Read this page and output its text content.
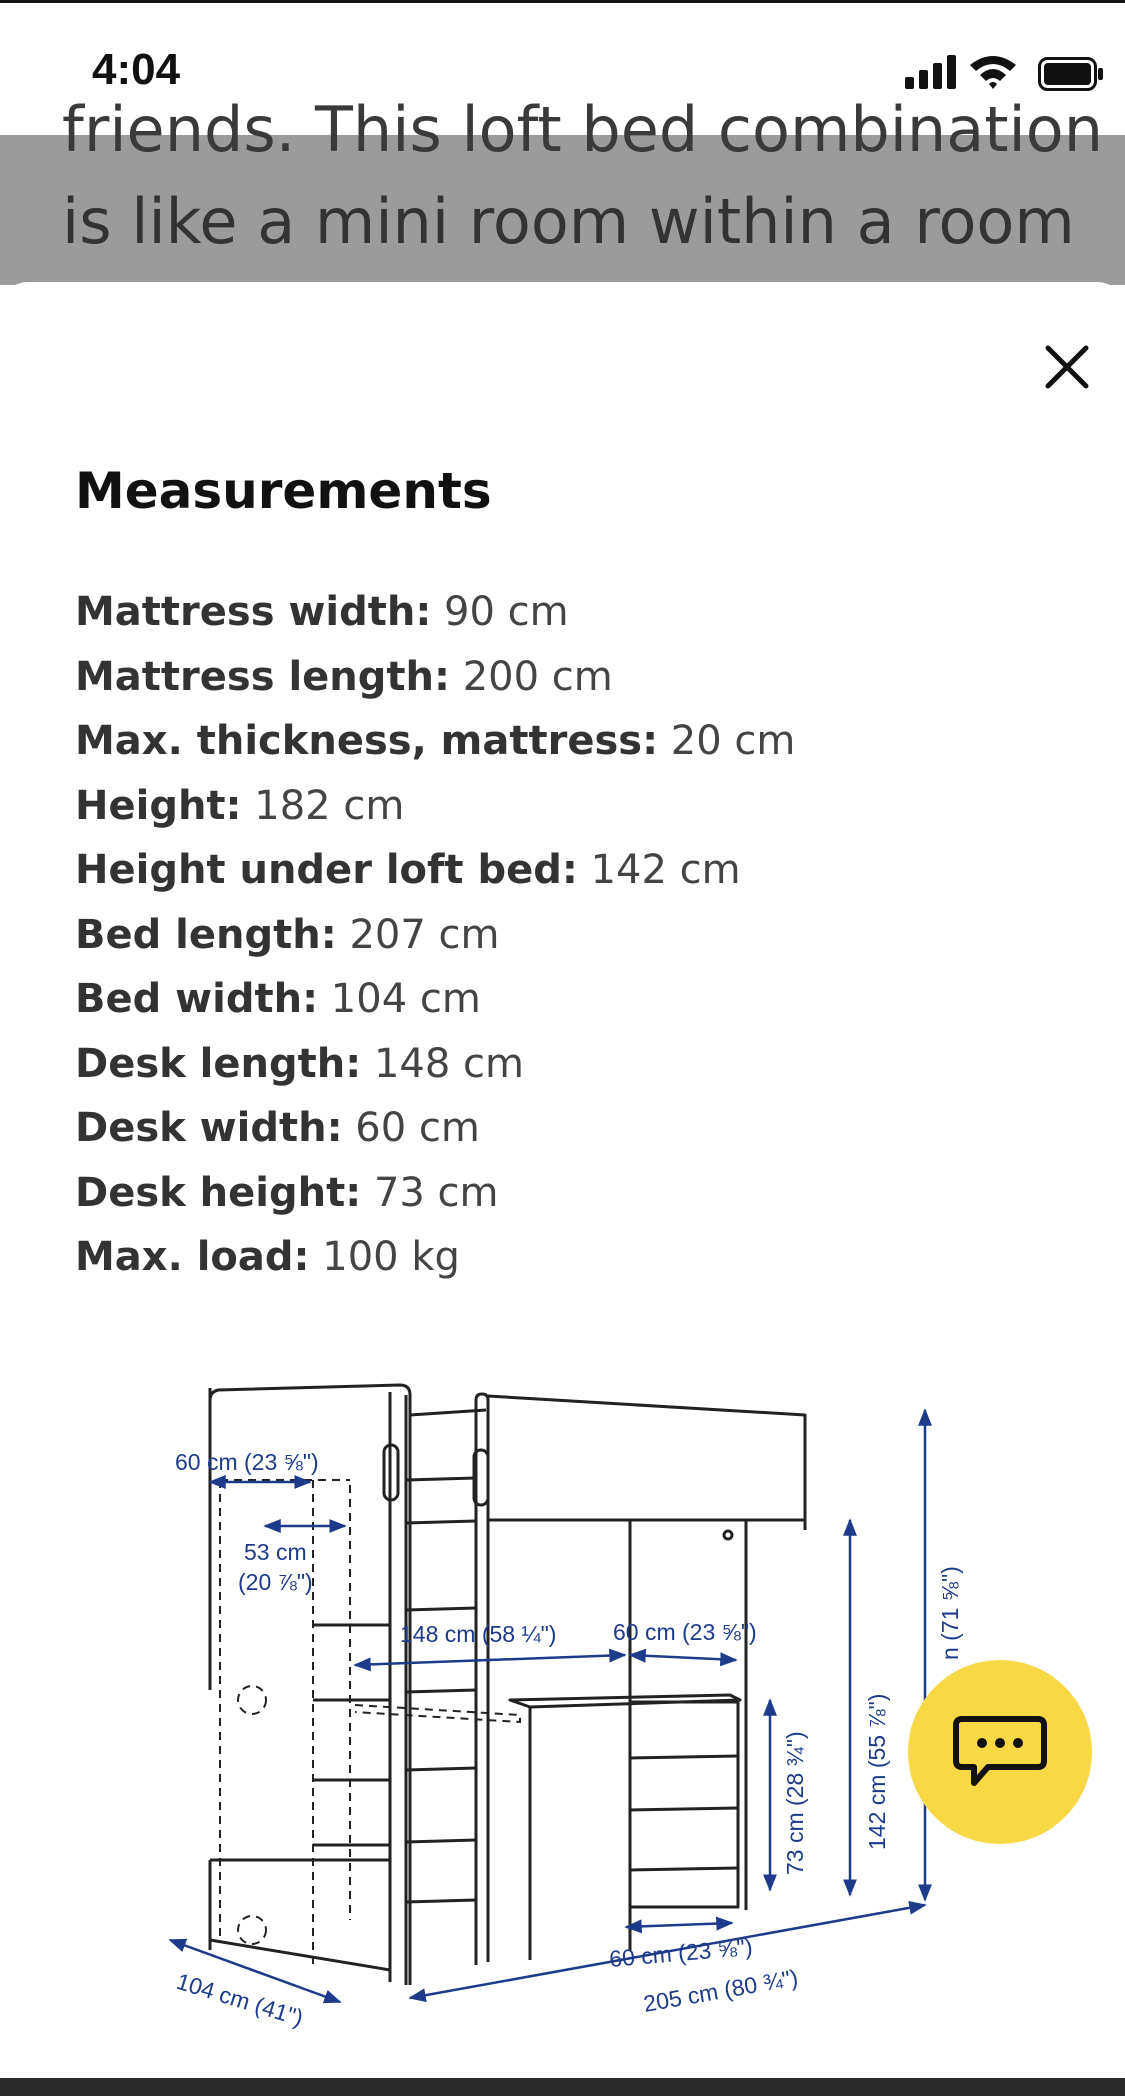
4:04
friends. This loft bed combination
is like a mini room within a room
Measurements
Mattress width: 90 cm
Mattress length: 200 cm
Max. thickness, mattress: 20 cm
Height: 182 cm
Height under loft bed: 142 cm
Bed length: 207 cm
Bed width: 104 cm
Desk length: 148 cm
Desk width: 60 cm
Desk height: 73 cm
Max. load: 100 kg
60 cm (23 ⅝")
53 cm
(20 ⅞")
148 cm (58 ¼") 60 cm (23 ⅝")
73 cm (28 ¾") 142 cm (55 ⅞")
n (71 ⅝")
104 cm (41")
60 cm (23 ⅝")
205 cm (80 ¾")
